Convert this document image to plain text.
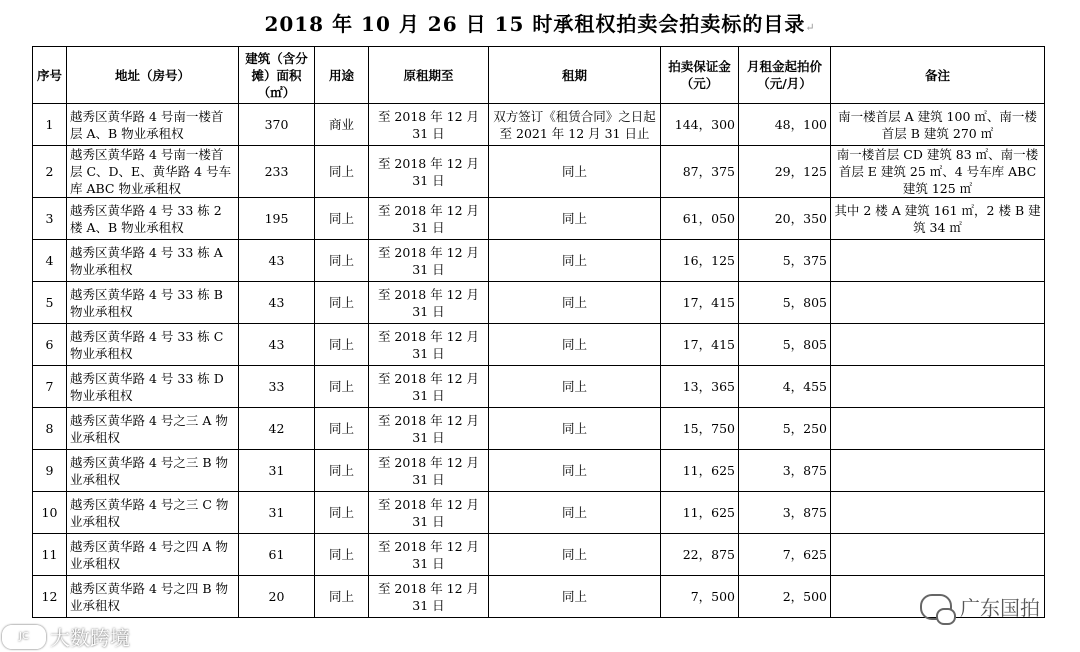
2018 年 10 月 26 日 15 时承租权拍卖会拍卖标的目录↵
序号	地址（房号）	建筑（含分摊）面积（㎡）	用途	原租期至	租期	拍卖保证金（元）	月租金起拍价（元/月）	备注
1	越秀区黄华路 4 号南一楼首层 A、B 物业承租权	370	商业	至 2018 年 12 月 31 日	双方签订《租赁合同》之日起至 2021 年 12 月 31 日止	144，300	48，100	南一楼首层 A 建筑 100 ㎡、南一楼首层 B 建筑 270 ㎡
2	越秀区黄华路 4 号南一楼首层 C、D、E、黄华路 4 号车库 ABC 物业承租权	233	同上	至 2018 年 12 月 31 日	同上	87，375	29，125	南一楼首层 CD 建筑 83 ㎡、南一楼首层 E 建筑 25 ㎡、4 号车库 ABC 建筑 125 ㎡
3	越秀区黄华路 4 号 33 栋 2 楼 A、B 物业承租权	195	同上	至 2018 年 12 月 31 日	同上	61，050	20，350	其中 2 楼 A 建筑 161 ㎡，2 楼 B 建筑 34 ㎡
4	越秀区黄华路 4 号 33 栋 A 物业承租权	43	同上	至 2018 年 12 月 31 日	同上	16，125	5，375	
5	越秀区黄华路 4 号 33 栋 B 物业承租权	43	同上	至 2018 年 12 月 31 日	同上	17，415	5，805	
6	越秀区黄华路 4 号 33 栋 C 物业承租权	43	同上	至 2018 年 12 月 31 日	同上	17，415	5，805	
7	越秀区黄华路 4 号 33 栋 D 物业承租权	33	同上	至 2018 年 12 月 31 日	同上	13，365	4，455	
8	越秀区黄华路 4 号之三 A 物业承租权	42	同上	至 2018 年 12 月 31 日	同上	15，750	5，250	
9	越秀区黄华路 4 号之三 B 物业承租权	31	同上	至 2018 年 12 月 31 日	同上	11，625	3，875	
10	越秀区黄华路 4 号之三 C 物业承租权	31	同上	至 2018 年 12 月 31 日	同上	11，625	3，875	
11	越秀区黄华路 4 号之四 A 物业承租权	61	同上	至 2018 年 12 月 31 日	同上	22，875	7，625	
12	越秀区黄华路 4 号之四 B 物业承租权	20	同上	至 2018 年 12 月 31 日	同上	7，500	2，500		广东国拍
JC	大数跨境
